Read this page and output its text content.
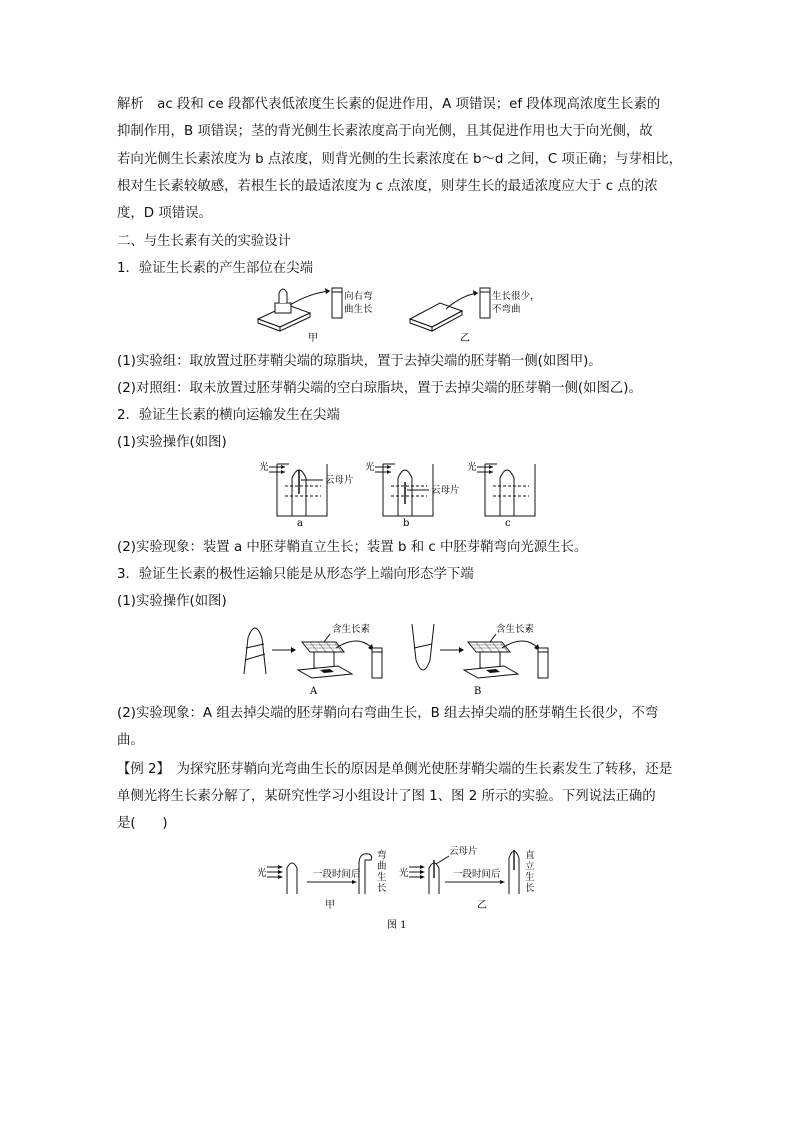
解析　ac 段和 ce 段都代表低浓度生长素的促进作用，A 项错误；ef 段体现高浓度生长素的
抑制作用，B 项错误；茎的背光侧生长素浓度高于向光侧，且其促进作用也大于向光侧，故
若向光侧生长素浓度为 b 点浓度，则背光侧的生长素浓度在 b～d 之间，C 项正确；与芽相比，
根对生长素较敏感，若根生长的最适浓度为 c 点浓度，则芽生长的最适浓度应大于 c 点的浓
度，D 项错误。
二、与生长素有关的实验设计
1．验证生长素的产生部位在尖端
向右弯
曲生长
甲
生长很少，
不弯曲
乙
(1)实验组：取放置过胚芽鞘尖端的琼脂块，置于去掉尖端的胚芽鞘一侧(如图甲)。
(2)对照组：取未放置过胚芽鞘尖端的空白琼脂块，置于去掉尖端的胚芽鞘一侧(如图乙)。
2．验证生长素的横向运输发生在尖端
(1)实验操作(如图)
光
云母片
a
光
云母片
b
光
c
(2)实验现象：装置 a 中胚芽鞘直立生长；装置 b 和 c 中胚芽鞘弯向光源生长。
3．验证生长素的极性运输只能是从形态学上端向形态学下端
(1)实验操作(如图)
含生长素
A
含生长素
B
(2)实验现象：A 组去掉尖端的胚芽鞘向右弯曲生长，B 组去掉尖端的胚芽鞘生长很少，不弯
曲。
【例 2】　为探究胚芽鞘向光弯曲生长的原因是单侧光使胚芽鞘尖端的生长素发生了转移，还是
单侧光将生长素分解了，某研究性学习小组设计了图 1、图 2 所示的实验。下列说法正确的
是(　　)
光	一段时间后
弯
曲
生
长
甲
光
云母片
一段时间后
直
立
生
长
乙
图 1
